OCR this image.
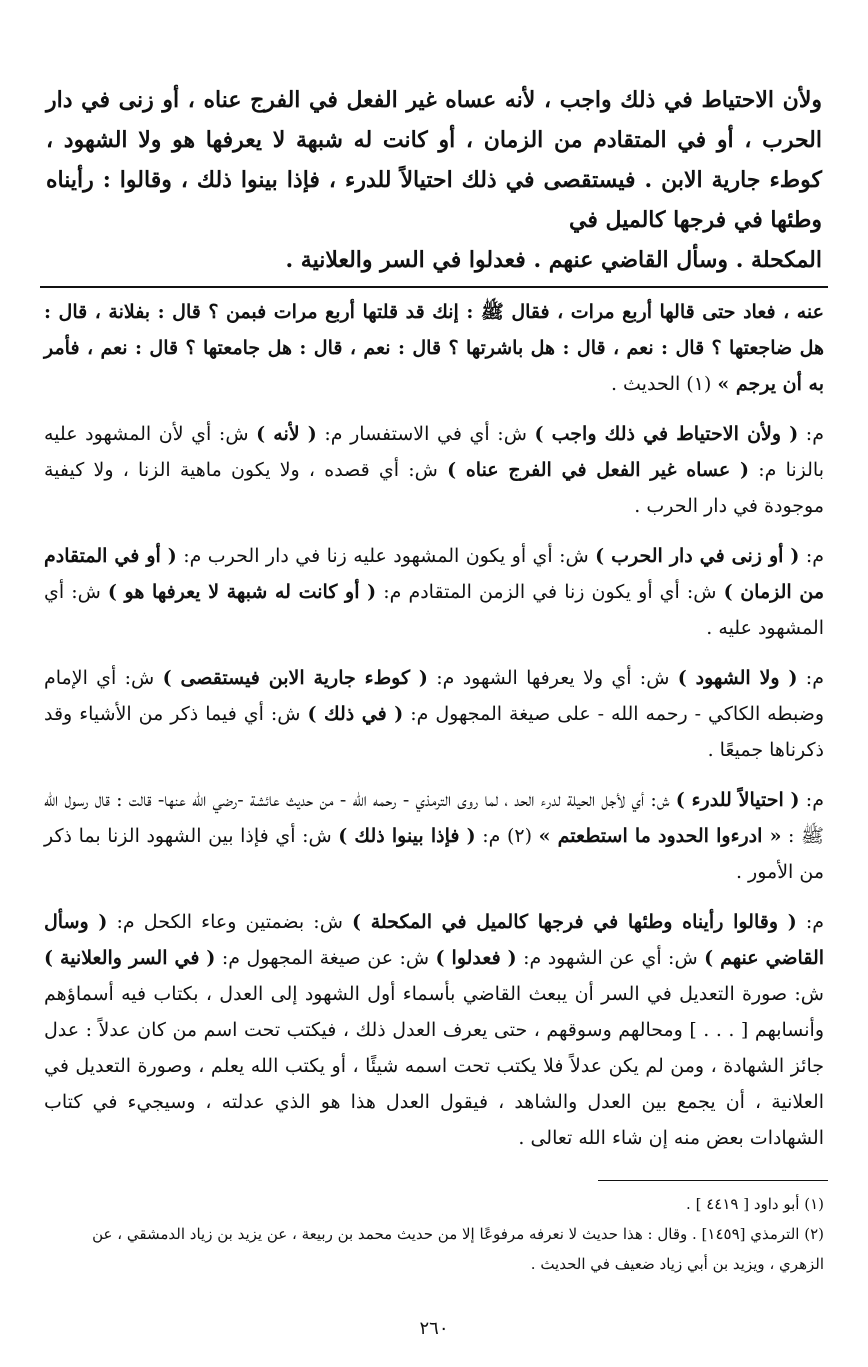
ولأن الاحتياط في ذلك واجب ، لأنه عساه غير الفعل في الفرج عناه ، أو زنى في دار الحرب ، أو في المتقادم من الزمان ، أو كانت له شبهة لا يعرفها هو ولا الشهود ، كوطء جارية الابن . فيستقصى في ذلك احتيالاً للدرء ، فإذا بينوا ذلك ، وقالوا : رأيناه وطئها في فرجها كالميل في
المكحلة . وسأل القاضي عنهم . فعدلوا في السر والعلانية .

عنه ، فعاد حتى قالها أربع مرات ، فقال ﷺ : إنك قد قلتها أربع مرات فبمن ؟ قال : بفلانة ، قال : هل ضاجعتها ؟ قال : نعم ، قال : هل باشرتها ؟ قال : نعم ، قال : هل جامعتها ؟ قال : نعم ، فأمر به أن يرجم » (١) الحديث .

م: ( ولأن الاحتياط في ذلك واجب ) ش: أي في الاستفسار م: ( لأنه ) ش: أي لأن المشهود عليه بالزنا م: ( عساه غير الفعل في الفرج عناه ) ش: أي قصده ، ولا يكون ماهية الزنا ، ولا كيفية موجودة في دار الحرب .

م: ( أو زنى في دار الحرب ) ش: أي أو يكون المشهود عليه زنا في دار الحرب م: ( أو في المتقادم من الزمان ) ش: أي أو يكون زنا في الزمن المتقادم م: ( أو كانت له شبهة لا يعرفها هو ) ش: أي المشهود عليه .

م: ( ولا الشهود ) ش: أي ولا يعرفها الشهود م: ( كوطء جارية الابن فيستقصى ) ش: أي الإمام وضبطه الكاكي - رحمه الله - على صيغة المجهول م: ( في ذلك ) ش: أي فيما ذكر من الأشياء وقد ذكرناها جميعًا .

م: ( احتيالاً للدرء ) ش: أي لأجل الحيلة لدرء الحد ، لما روى الترمذي - رحمه الله - من حديث عائشة -رضي الله عنها- قالت : قال رسول الله ﷺ : « ادرءوا الحدود ما استطعتم » (٢) م: ( فإذا بينوا ذلك ) ش: أي فإذا بين الشهود الزنا بما ذكر من الأمور .

م: ( وقالوا رأيناه وطئها في فرجها كالميل في المكحلة ) ش: بضمتين وعاء الكحل م: ( وسأل القاضي عنهم ) ش: أي عن الشهود م: ( فعدلوا ) ش: عن صيغة المجهول م: ( في السر والعلانية ) ش: صورة التعديل في السر أن يبعث القاضي بأسماء أول الشهود إلى العدل ، بكتاب فيه أسماؤهم وأنسابهم [ . . . ] ومحالهم وسوقهم ، حتى يعرف العدل ذلك ، فيكتب تحت اسم من كان عدلاً : عدل جائز الشهادة ، ومن لم يكن عدلاً فلا يكتب تحت اسمه شيئًا ، أو يكتب الله يعلم ، وصورة التعديل في العلانية ، أن يجمع بين العدل والشاهد ، فيقول العدل هذا هو الذي عدلته ، وسيجيء في كتاب الشهادات بعض منه إن شاء الله تعالى .

(١) أبو داود [ ٤٤١٩ ] .
(٢) الترمذي [١٤٥٩] . وقال : هذا حديث لا نعرفه مرفوعًا إلا من حديث محمد بن ربيعة ، عن يزيد بن زياد الدمشقي ، عن الزهري ، ويزيد بن أبي زياد ضعيف في الحديث .
٢٦٠
